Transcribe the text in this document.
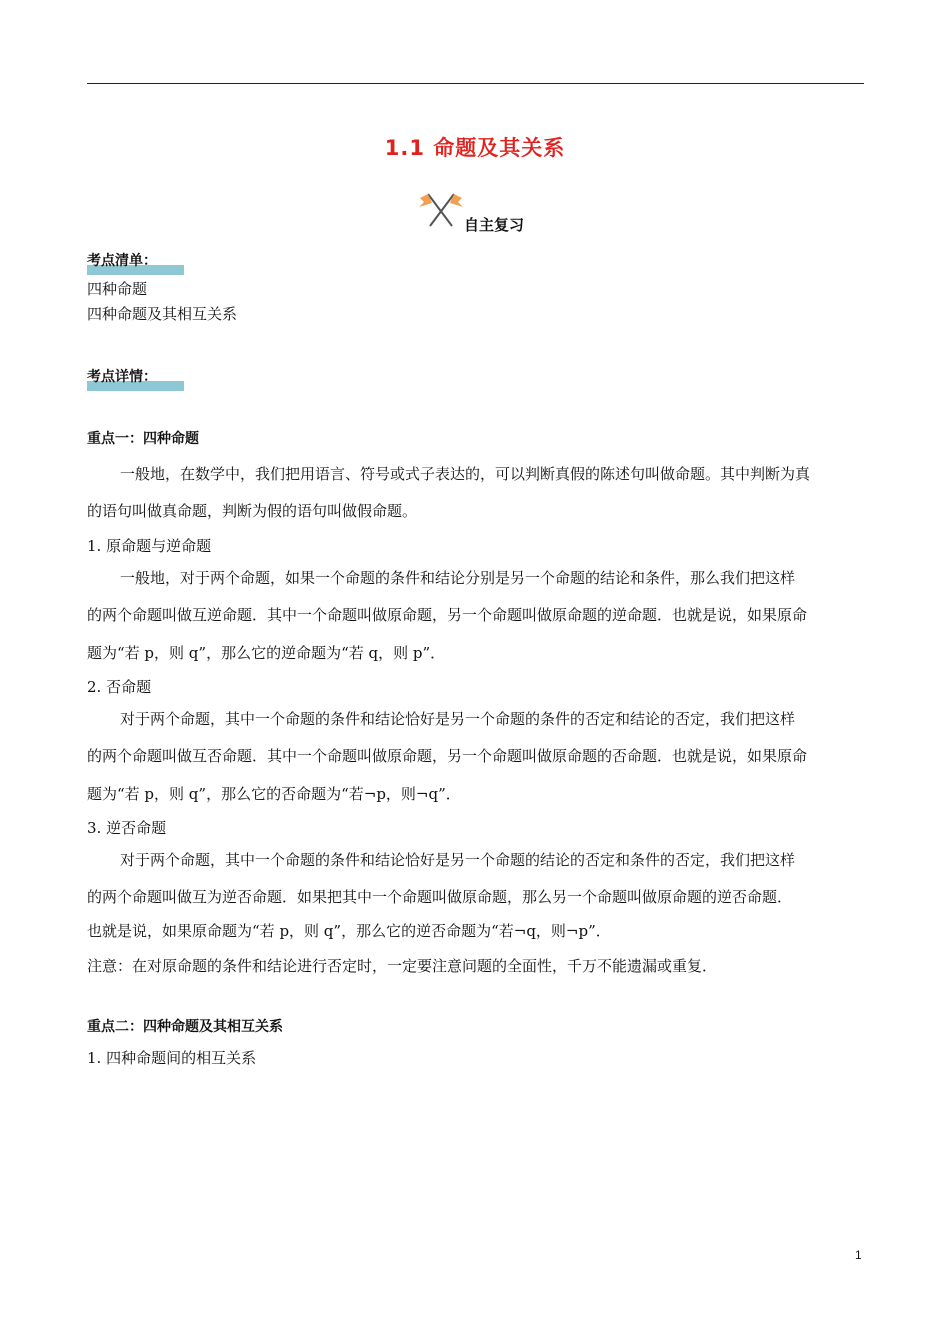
1.1 命题及其关系
自主复习
考点清单：
四种命题
四种命题及其相互关系
考点详情：
重点一：四种命题
一般地，在数学中，我们把用语言、符号或式子表达的，可以判断真假的陈述句叫做命题。其中判断为真
的语句叫做真命题，判断为假的语句叫做假命题。
1. 原命题与逆命题
一般地，对于两个命题，如果一个命题的条件和结论分别是另一个命题的结论和条件，那么我们把这样
的两个命题叫做互逆命题．其中一个命题叫做原命题，另一个命题叫做原命题的逆命题．也就是说，如果原命
题为“若 p，则 q”，那么它的逆命题为“若 q，则 p”．
2. 否命题
对于两个命题，其中一个命题的条件和结论恰好是另一个命题的条件的否定和结论的否定，我们把这样
的两个命题叫做互否命题．其中一个命题叫做原命题，另一个命题叫做原命题的否命题．也就是说，如果原命
题为“若 p，则 q”，那么它的否命题为“若¬p，则¬q”．
3. 逆否命题
对于两个命题，其中一个命题的条件和结论恰好是另一个命题的结论的否定和条件的否定，我们把这样
的两个命题叫做互为逆否命题．如果把其中一个命题叫做原命题，那么另一个命题叫做原命题的逆否命题．
也就是说，如果原命题为“若 p，则 q”，那么它的逆否命题为“若¬q，则¬p”．
注意：在对原命题的条件和结论进行否定时，一定要注意问题的全面性，千万不能遗漏或重复．
重点二：四种命题及其相互关系
1. 四种命题间的相互关系
1
